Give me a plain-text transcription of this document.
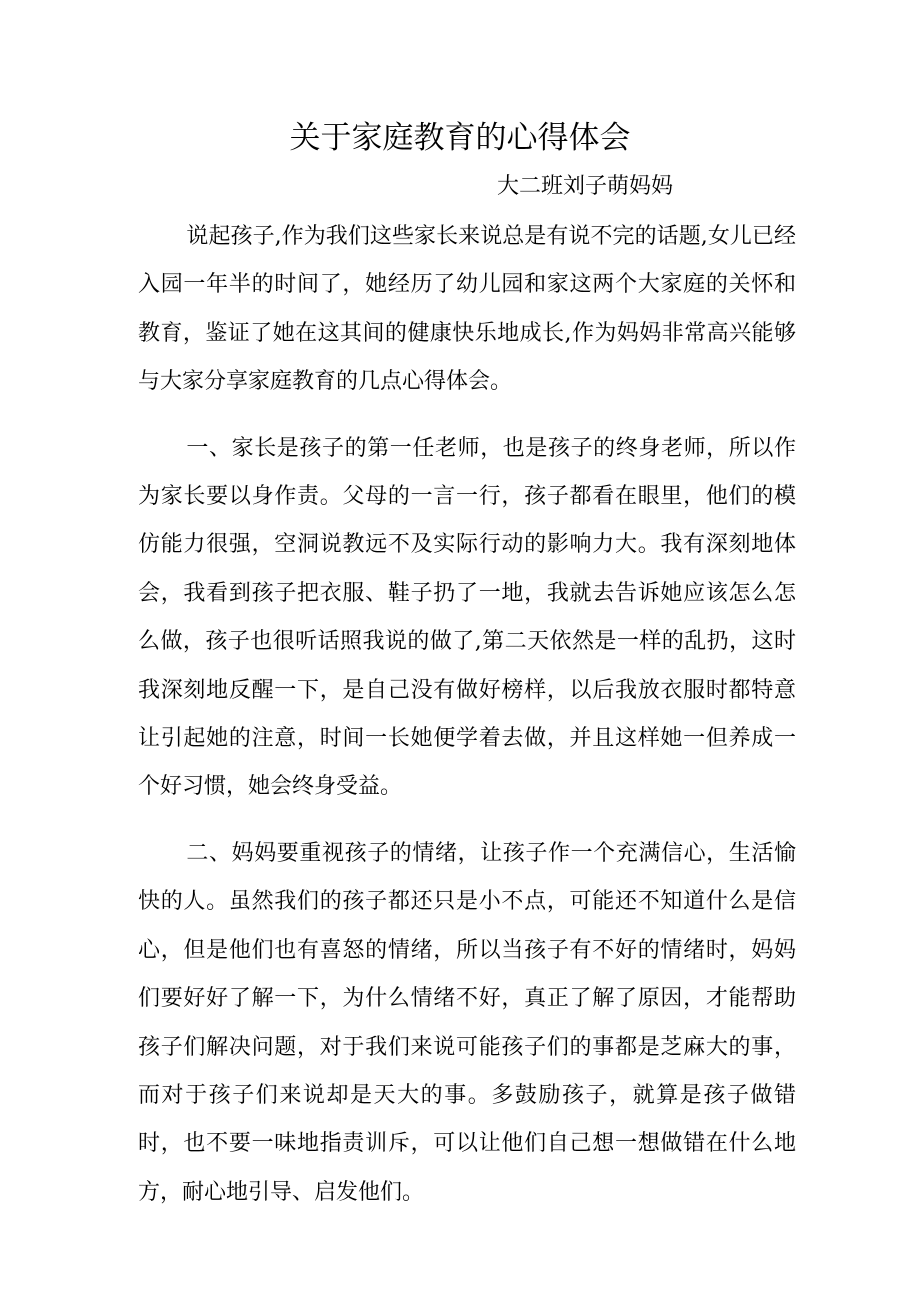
关于家庭教育的心得体会
大二班刘子萌妈妈

说起孩子,作为我们这些家长来说总是有说不完的话题,女儿已经入园一年半的时间了，她经历了幼儿园和家这两个大家庭的关怀和教育，鉴证了她在这其间的健康快乐地成长,作为妈妈非常高兴能够与大家分享家庭教育的几点心得体会。

一、家长是孩子的第一任老师，也是孩子的终身老师，所以作为家长要以身作责。父母的一言一行，孩子都看在眼里，他们的模仿能力很强，空洞说教远不及实际行动的影响力大。我有深刻地体会，我看到孩子把衣服、鞋子扔了一地，我就去告诉她应该怎么怎么做，孩子也很听话照我说的做了,第二天依然是一样的乱扔，这时我深刻地反醒一下，是自己没有做好榜样，以后我放衣服时都特意让引起她的注意，时间一长她便学着去做，并且这样她一但养成一个好习惯，她会终身受益。

二、妈妈要重视孩子的情绪，让孩子作一个充满信心，生活愉快的人。虽然我们的孩子都还只是小不点，可能还不知道什么是信心，但是他们也有喜怒的情绪，所以当孩子有不好的情绪时，妈妈们要好好了解一下，为什么情绪不好，真正了解了原因，才能帮助孩子们解决问题，对于我们来说可能孩子们的事都是芝麻大的事，而对于孩子们来说却是天大的事。多鼓励孩子，就算是孩子做错时，也不要一味地指责训斥，可以让他们自己想一想做错在什么地方，耐心地引导、启发他们。
